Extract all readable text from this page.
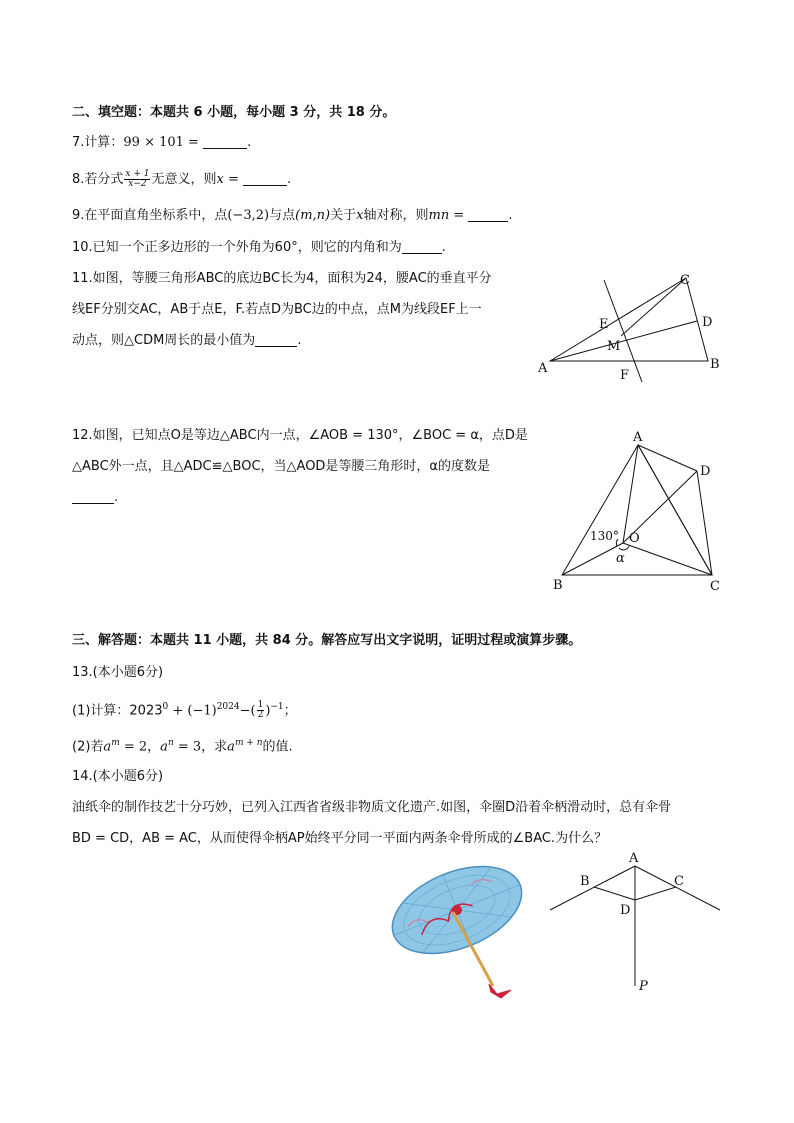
二、填空题：本题共 6 小题，每小题 3 分，共 18 分。
7.计算：99 × 101 =	.
8.若分式 $\frac{x + 1}{x-2}$ 无意义，则x =	.
9.在平面直角坐标系中，点(−3,2)与点(m,n)关于x轴对称，则mn =	.
10.已知一个正多边形的一个外角为60°，则它的内角和为	.
11.如图，等腰三角形ABC的底边BC长为4，面积为24，腰AC的垂直平分
线EF分别交AC，AB于点E，F.若点D为BC边的中点，点M为线段EF上一
动点，则△CDM周长的最小值为	.
A	B
C
D
E
F
M
12.如图，已知点O是等边△ABC内一点，∠AOB = 130°，∠BOC = α，点D是
△ABC外一点，且△ADC≌△BOC，当△AOD是等腰三角形时，α的度数是
.
A
B	C
D
O
130°
α
三、解答题：本题共 11 小题，共 84 分。解答应写出文字说明，证明过程或演算步骤。
13.(本小题6分)
(1)计算：$2023^0 + (-1)^{2024}-( \frac{1}{2} )^{-1}$；
(2)若$a^m = 2$，$a^n = 3$，求$a^{m + n}$的值.
14.(本小题6分)
油纸伞的制作技艺十分巧妙，已列入江西省省级非物质文化遗产.如图，伞圈D沿着伞柄滑动时，总有伞骨
BD = CD，AB = AC，从而使得伞柄AP始终平分同一平面内两条伞骨所成的∠BAC.为什么？
A
B	C
D
P
